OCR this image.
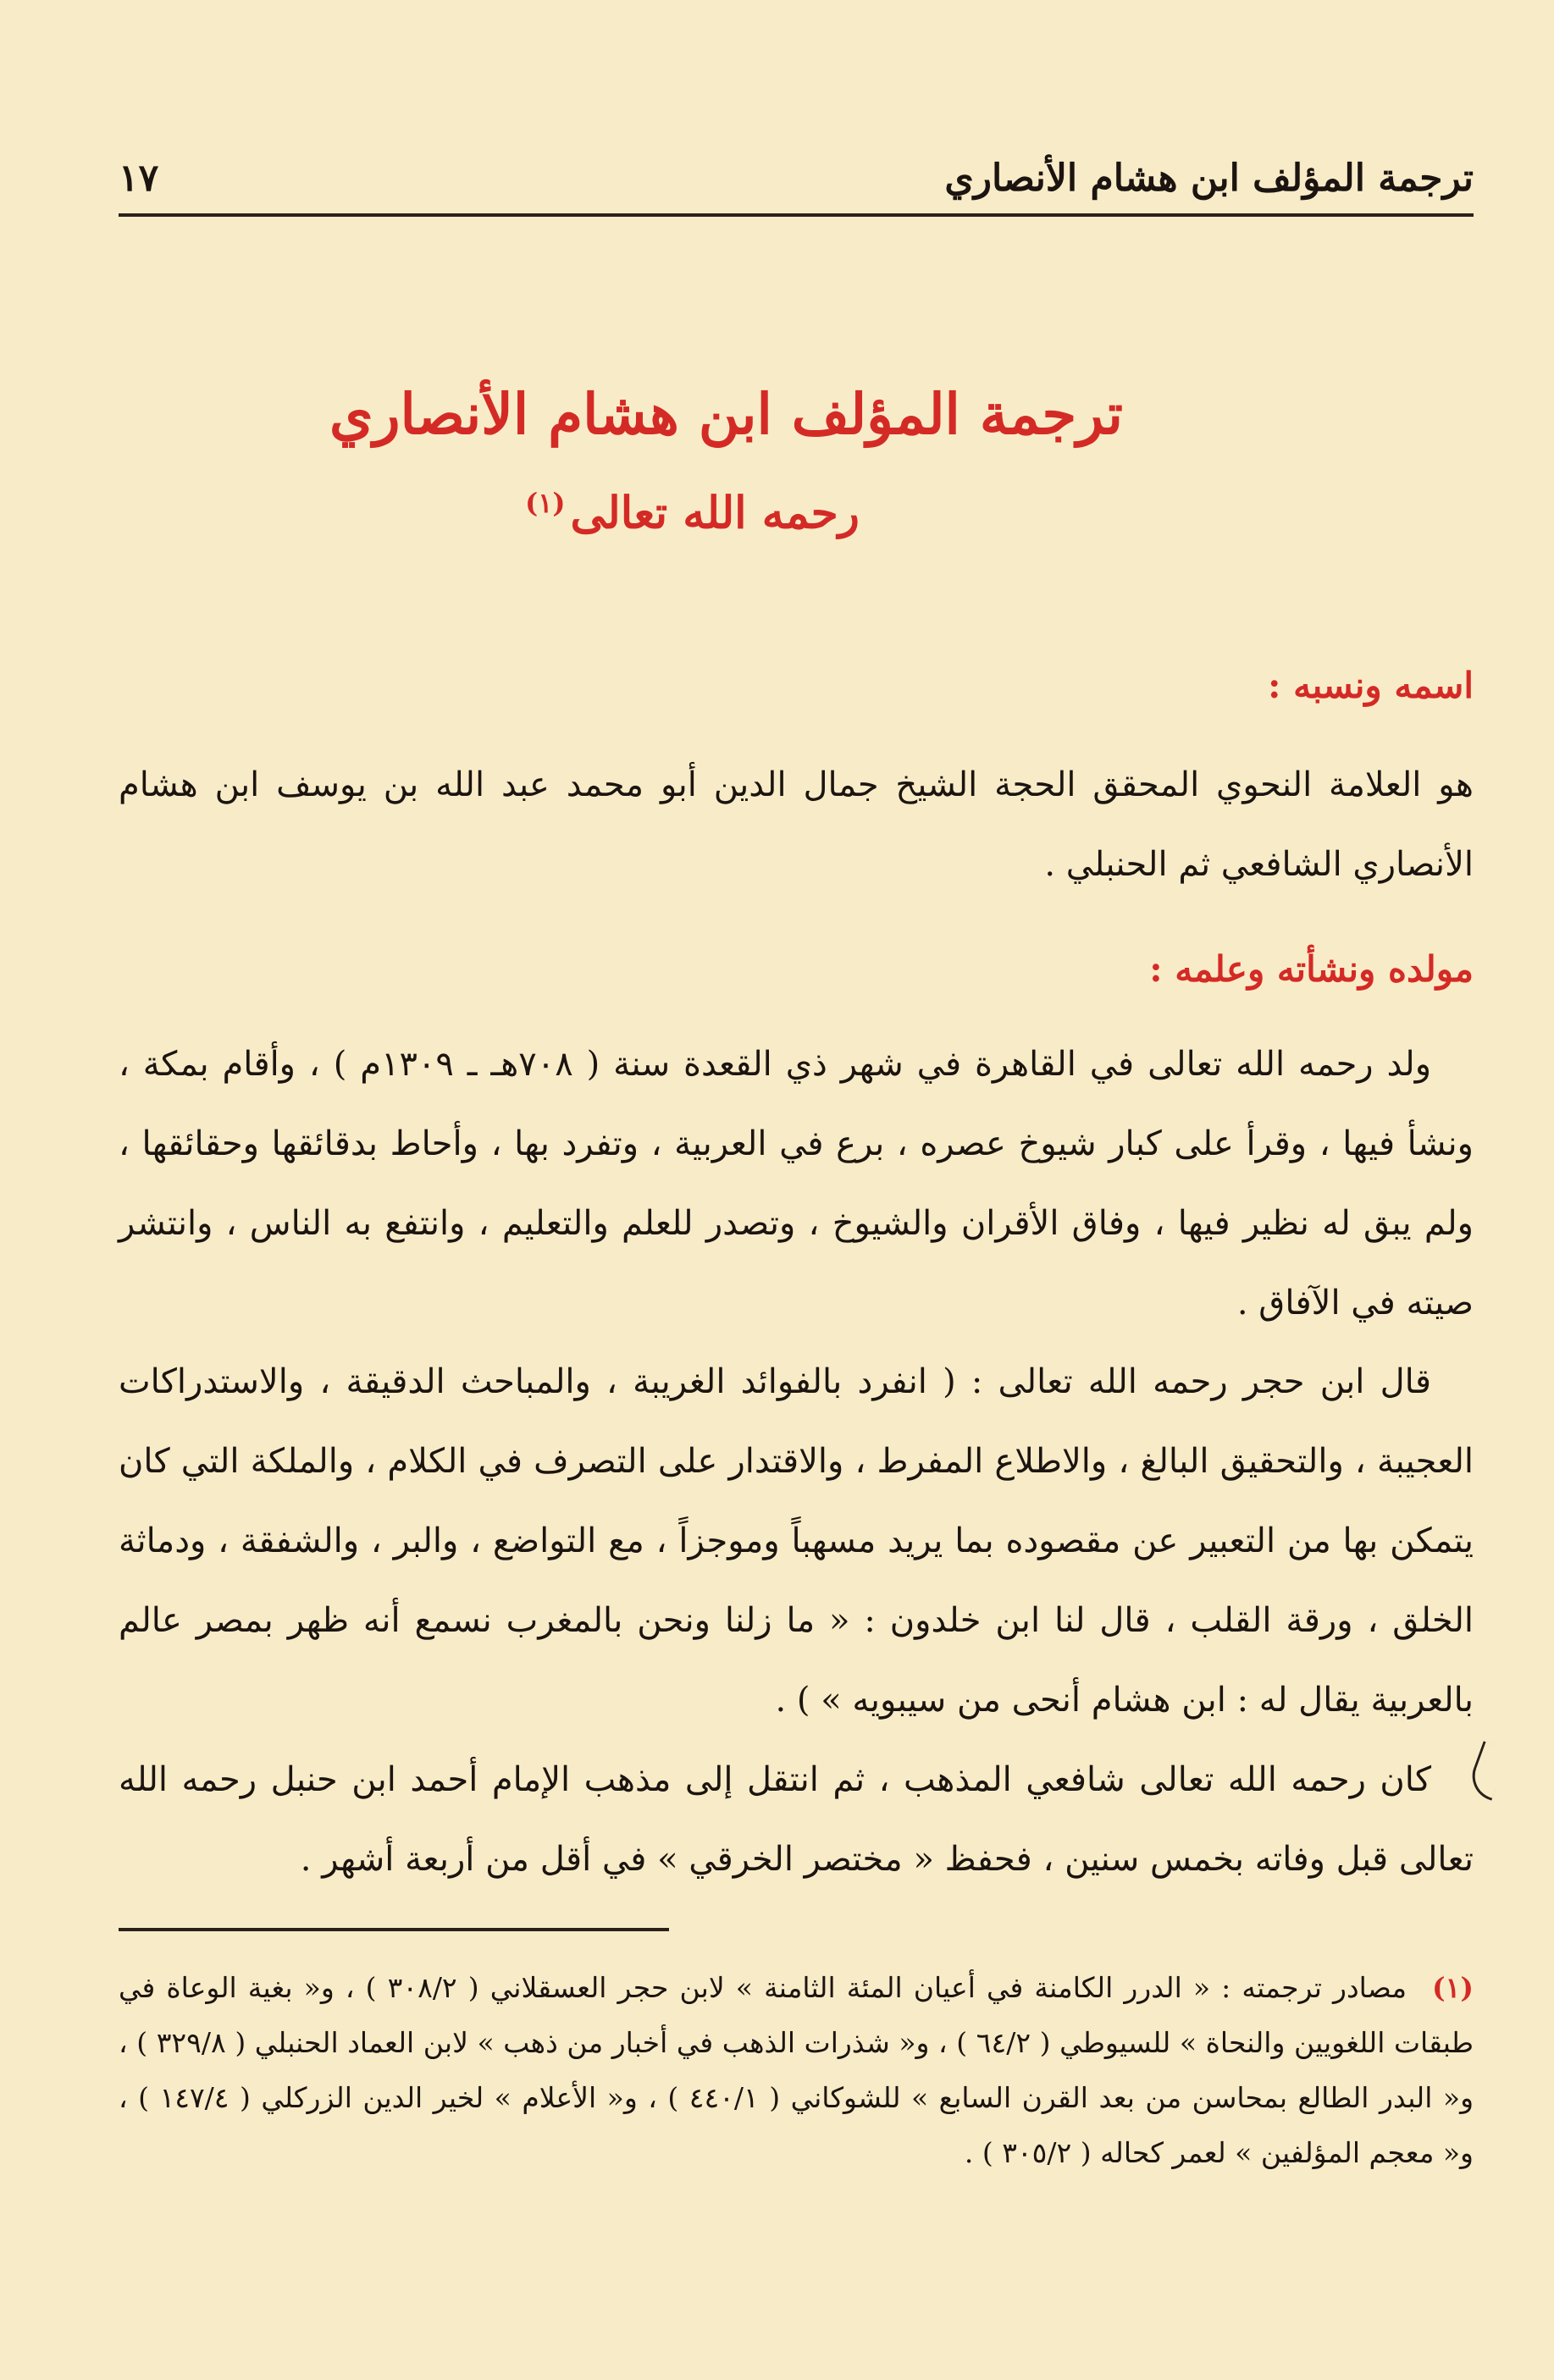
ترجمة المؤلف ابن هشام الأنصاري
١٧
ترجمة المؤلف ابن هشام الأنصاري
رحمه الله تعالى$^{(١)}$
اسمه ونسبه :
هو العلامة النحوي المحقق الحجة الشيخ جمال الدين أبو محمد عبد الله بن يوسف ابن هشام الأنصاري الشافعي ثم الحنبلي .
مولده ونشأته وعلمه :
ولد رحمه الله تعالى في القاهرة في شهر ذي القعدة سنة ( ٧٠٨هـ ـ ١٣٠٩م ) ، وأقام بمكة ، ونشأ فيها ، وقرأ على كبار شيوخ عصره ، برع في العربية ، وتفرد بها ، وأحاط بدقائقها وحقائقها ، ولم يبق له نظير فيها ، وفاق الأقران والشيوخ ، وتصدر للعلم والتعليم ، وانتفع به الناس ، وانتشر صيته في الآفاق .
قال ابن حجر رحمه الله تعالى : ( انفرد بالفوائد الغريبة ، والمباحث الدقيقة ، والاستدراكات العجيبة ، والتحقيق البالغ ، والاطلاع المفرط ، والاقتدار على التصرف في الكلام ، والملكة التي كان يتمكن بها من التعبير عن مقصوده بما يريد مسهباً وموجزاً ، مع التواضع ، والبر ، والشفقة ، ودماثة الخلق ، ورقة القلب ، قال لنا ابن خلدون : « ما زلنا ونحن بالمغرب نسمع أنه ظهر بمصر عالم بالعربية يقال له : ابن هشام أنحى من سيبويه » ) .
كان رحمه الله تعالى شافعي المذهب ، ثم انتقل إلى مذهب الإمام أحمد ابن حنبل رحمه الله تعالى قبل وفاته بخمس سنين ، فحفظ « مختصر الخرقي » في أقل من أربعة أشهر .
(١)مصادر ترجمته : « الدرر الكامنة في أعيان المئة الثامنة » لابن حجر العسقلاني ( ٣٠٨/٢ ) ، و« بغية الوعاة في طبقات اللغويين والنحاة » للسيوطي ( ٦٤/٢ ) ، و« شذرات الذهب في أخبار من ذهب » لابن العماد الحنبلي ( ٣٢٩/٨ ) ، و« البدر الطالع بمحاسن من بعد القرن السابع » للشوكاني ( ٤٤٠/١ ) ، و« الأعلام » لخير الدين الزركلي ( ١٤٧/٤ ) ، و« معجم المؤلفين » لعمر كحاله ( ٣٠٥/٢ ) .
